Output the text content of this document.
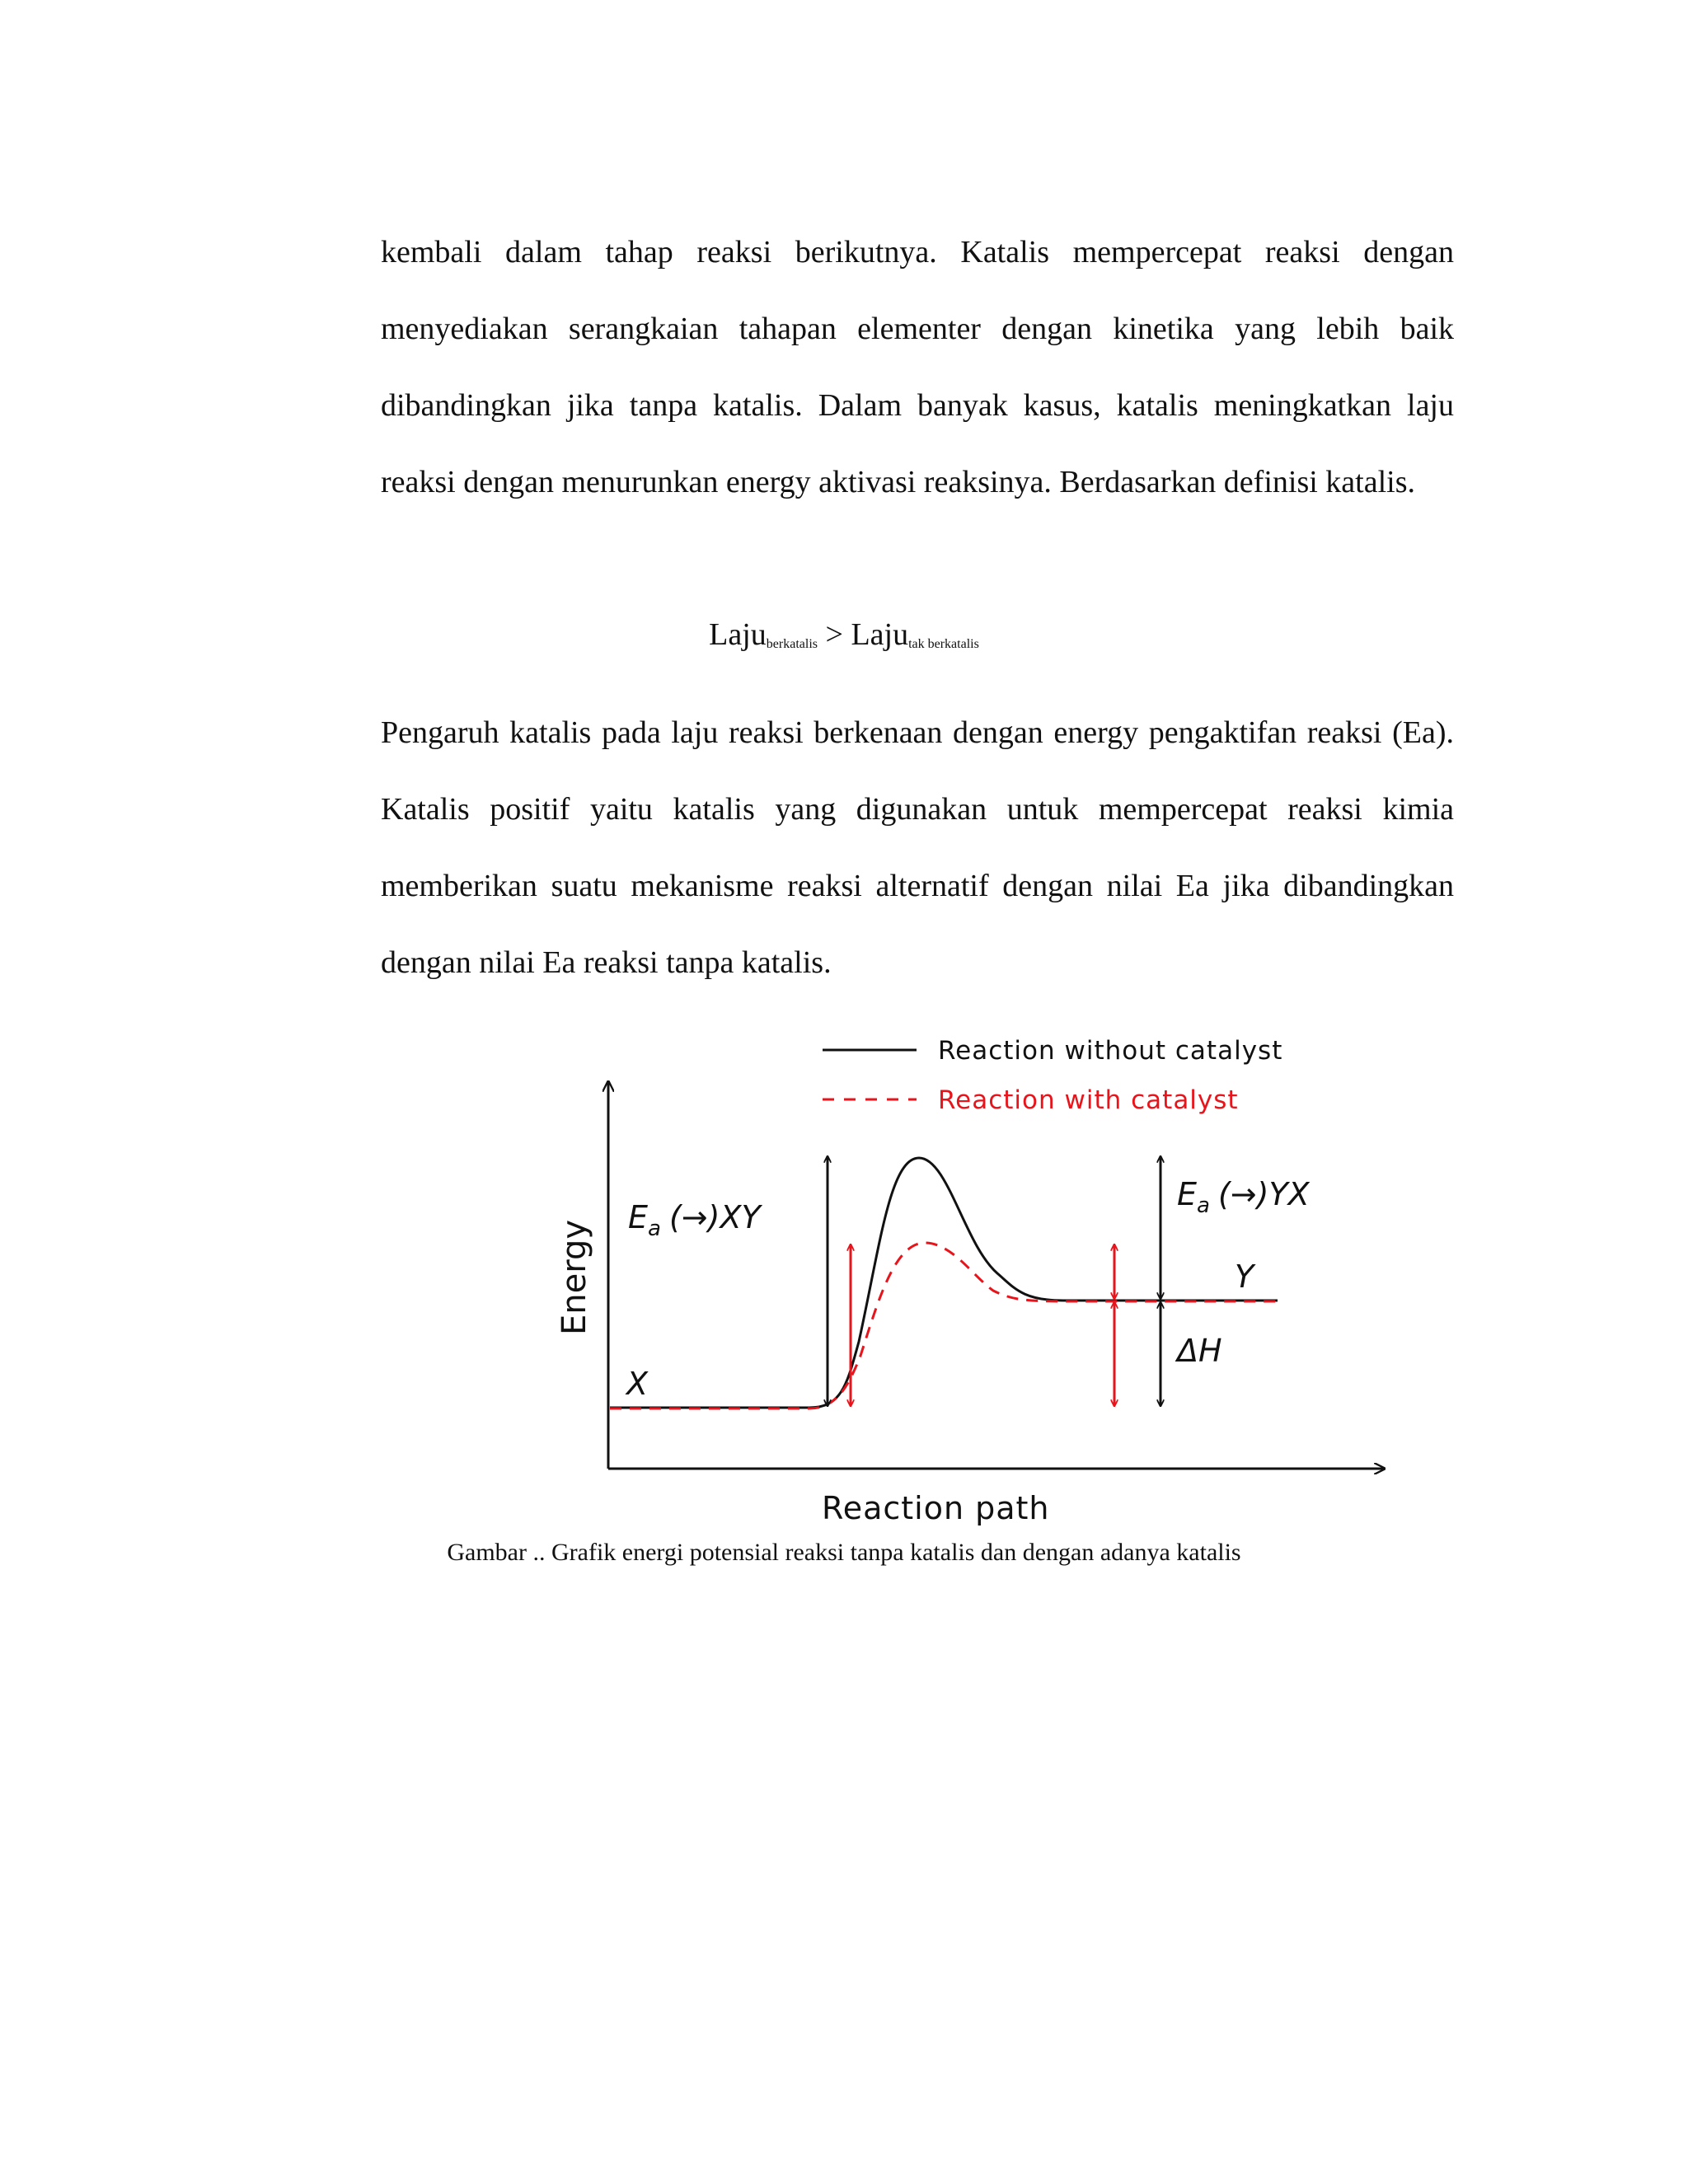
kembali dalam tahap reaksi berikutnya. Katalis mempercepat reaksi dengan menyediakan serangkaian tahapan elementer dengan kinetika yang lebih baik dibandingkan jika tanpa katalis. Dalam banyak kasus, katalis meningkatkan laju reaksi dengan menurunkan energy aktivasi reaksinya. Berdasarkan definisi katalis.

Laju$_{berkatalis}$ > Laju$_{tak berkatalis}$

Pengaruh katalis pada laju reaksi berkenaan dengan energy pengaktifan reaksi (Ea). Katalis positif yaitu katalis yang digunakan untuk mempercepat reaksi kimia memberikan suatu mekanisme reaksi alternatif dengan nilai Ea jika dibandingkan dengan nilai Ea reaksi tanpa katalis.

Reaction without catalyst
Reaction with catalyst
Energy
Reaction path
$E_a$ (→)XY
$E_a$ (→)YX
X
Y
ΔH
Gambar .. Grafik energi potensial reaksi tanpa katalis dan dengan adanya katalis
